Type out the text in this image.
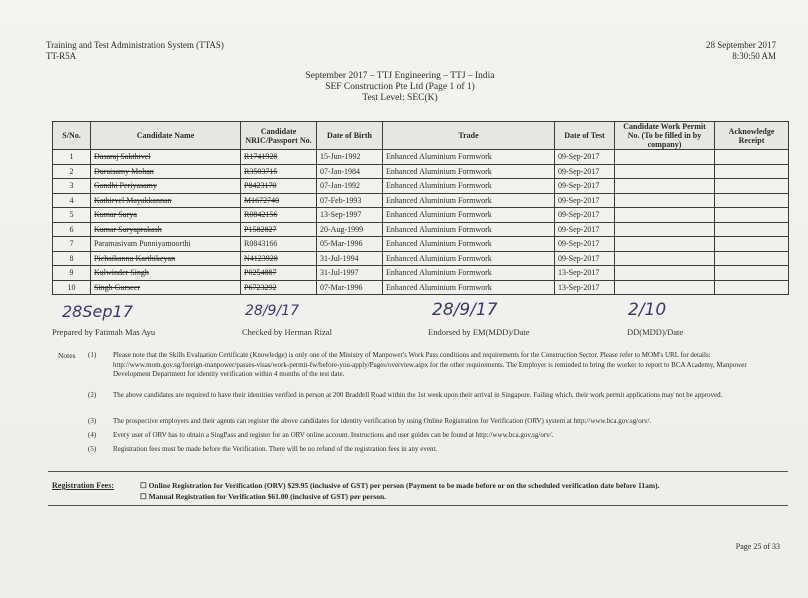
Training and Test Administration System (TTAS)
TT-R5A
28 September 2017
8:30:50 AM
September 2017 – TTJ Engineering – TTJ – India
SEF Construction Pte Ltd (Page 1 of 1)
Test Level: SEC(K)
S/No.	Candidate Name	Candidate NRIC/Passport No.	Date of Birth	Trade	Date of Test	Candidate Work Permit No. (To be filled in by company)	Acknowledge Receipt
1	Dasaraj Sakthivel	R1741928	15-Jun-1992	Enhanced Aluminium Formwork	09-Sep-2017		
2	Duraisamy Mohan	R3503715	07-Jan-1984	Enhanced Aluminium Formwork	09-Sep-2017		
3	Gandhi Periyasamy	P8423170	07-Jan-1992	Enhanced Aluminium Formwork	09-Sep-2017		
4	Kathirvel Mayakkannan	M1672740	07-Feb-1993	Enhanced Aluminium Formwork	09-Sep-2017		
5	Kumar Surya	R0842156	13-Sep-1997	Enhanced Aluminium Formwork	09-Sep-2017		
6	Kumar Suryaprakash	P1582827	20-Aug-1999	Enhanced Aluminium Formwork	09-Sep-2017		
7	Paramasivam Punniyamoorthi	R0843166	05-Mar-1996	Enhanced Aluminium Formwork	09-Sep-2017		
8	Pichaikannu Karthikeyan	N4123928	31-Jul-1994	Enhanced Aluminium Formwork	09-Sep-2017		
9	Kulwinder Singh	P0254887	31-Jul-1997	Enhanced Aluminium Formwork	13-Sep-2017		
10	Singh Gurseer	P6723292	07-Mar-1996	Enhanced Aluminium Formwork	13-Sep-2017		
28Sep17
Prepared by Fatimah Mas Ayu
28/9/17
Checked by Herman Rizal
28/9/17
Endorsed by EM(MDD)/Date
2/10
DD(MDD)/Date
Notes (1)	Please note that the Skills Evaluation Certificate (Knowledge) is only one of the Ministry of Manpower's Work Pass conditions and requirements for the Construction Sector. Please refer to MOM's URL for details: http://www.mom.gov.sg/foreign-manpower/passes-visas/work-permit-fw/before-you-apply/Pages/overview.aspx for the other requirements. The Employer is reminded to bring the worker to report to BCA Academy, Manpower Development Department for identity verification within 4 months of the test date.
(2)	The above candidates are required to have their identities verified in person at 200 Braddell Road within the 1st week upon their arrival in Singapore. Failing which, their work permit applications may not be approved.
(3)	The prospective employers and their agents can register the above candidates for identity verification by using Online Registration for Verification (ORV) system at http://www.bca.gov.sg/orv/.
(4)	Every user of ORV has to obtain a SingPass and register for an ORV online account. Instructions and user guides can be found at http://www.bca.gov.sg/orv/.
(5)	Registration fees must be made before the Verification. There will be no refund of the registration fees in any event.
Registration Fees:	☐ Online Registration for Verification (ORV) $29.95 (inclusive of GST) per person (Payment to be made before or on the scheduled verification date before 11am).
☐ Manual Registration for Verification $61.00 (inclusive of GST) per person.
Page 25 of 33
